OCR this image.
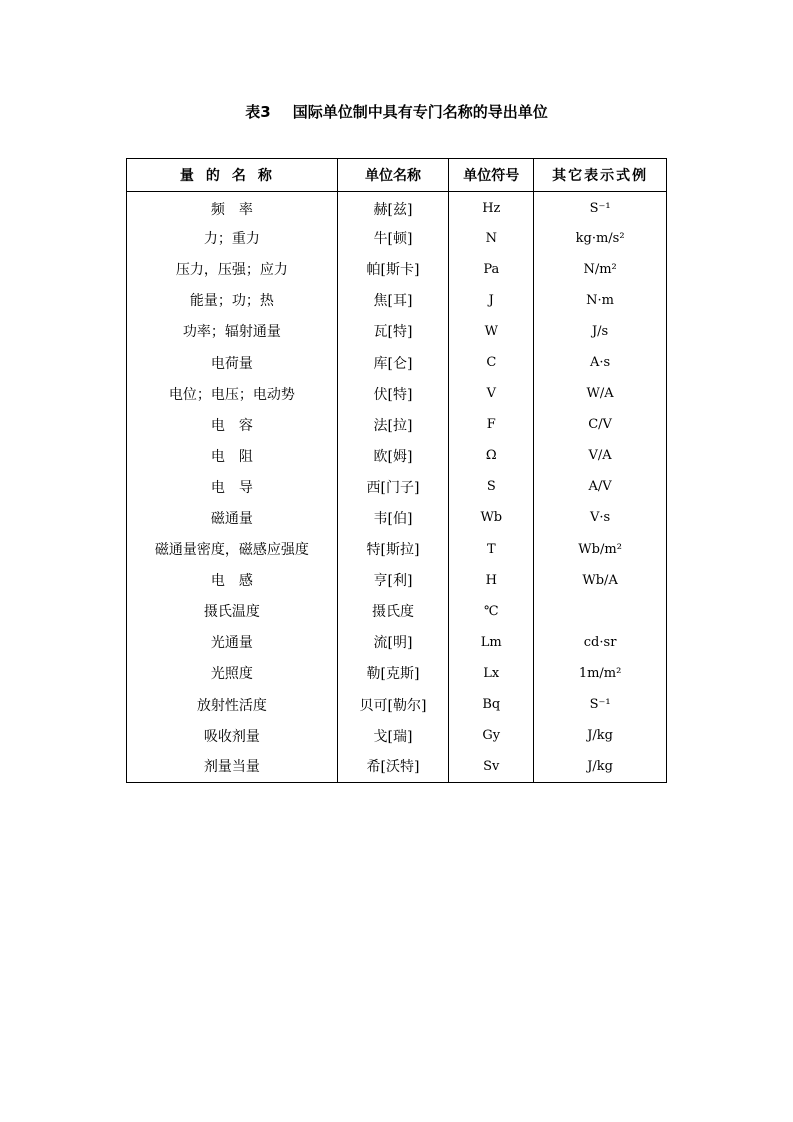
表3 国际单位制中具有专门名称的导出单位
量的名称	单位名称	单位符号	其它表示式例
频　率	赫[兹]	Hz	S⁻¹
力；重力	牛[顿]	N	kg·m/s²
压力，压强；应力	帕[斯卡]	Pa	N/m²
能量；功；热	焦[耳]	J	N·m
功率；辐射通量	瓦[特]	W	J/s
电荷量	库[仑]	C	A·s
电位；电压；电动势	伏[特]	V	W/A
电　容	法[拉]	F	C/V
电　阻	欧[姆]	Ω	V/A
电　导	西[门子]	S	A/V
磁通量	韦[伯]	Wb	V·s
磁通量密度，磁感应强度	特[斯拉]	T	Wb/m²
电　感	亨[利]	H	Wb/A
摄氏温度	摄氏度	℃	
光通量	流[明]	Lm	cd·sr
光照度	勒[克斯]	Lx	1m/m²
放射性活度	贝可[勒尔]	Bq	S⁻¹
吸收剂量	戈[瑞]	Gy	J/kg
剂量当量	希[沃特]	Sv	J/kg
